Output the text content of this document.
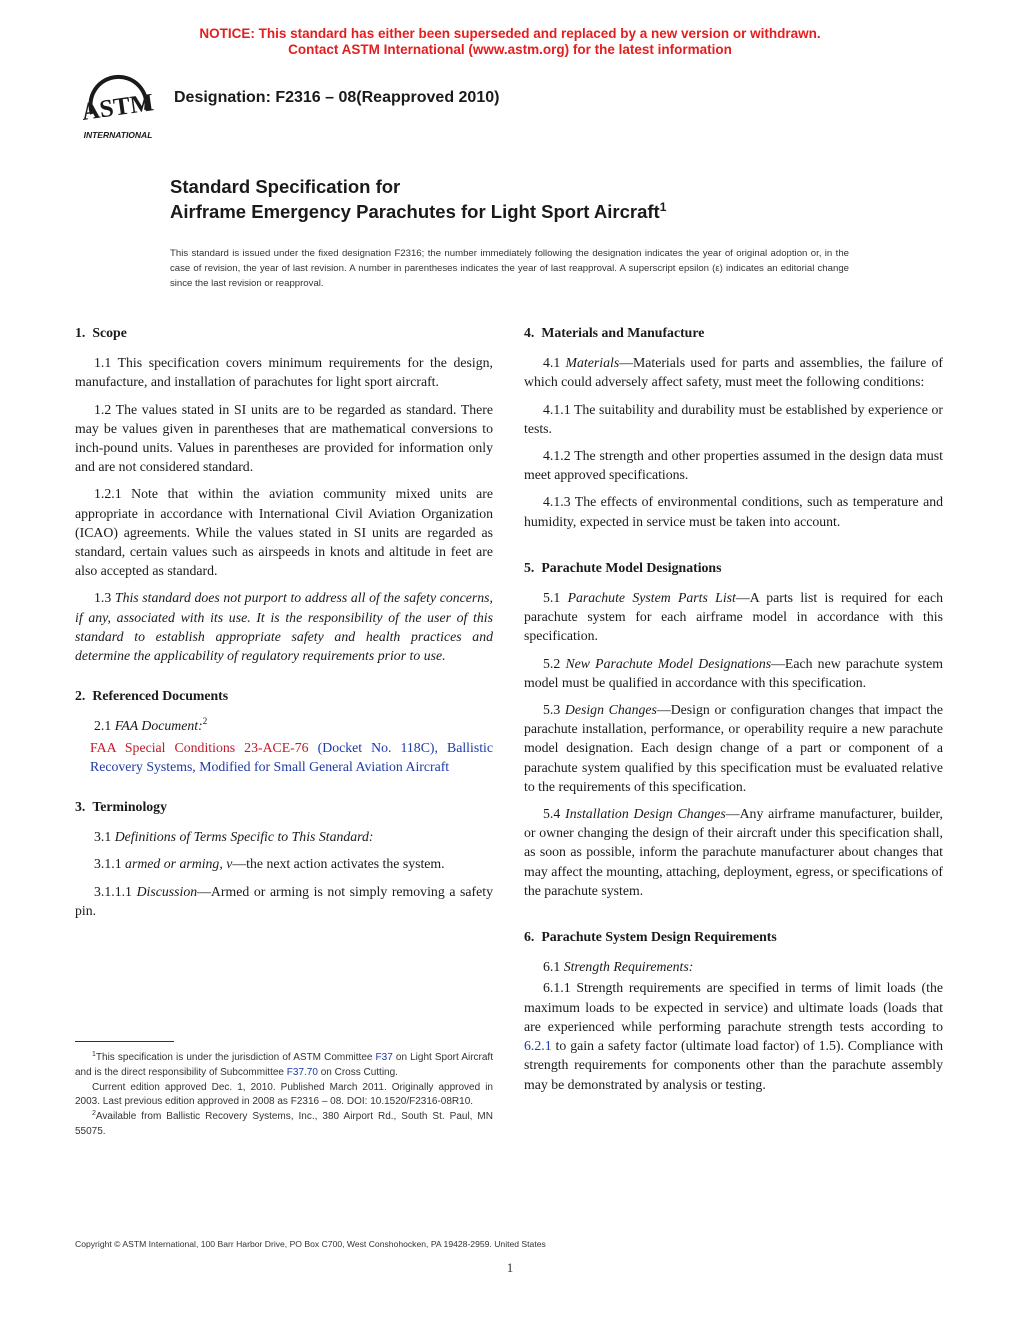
NOTICE: This standard has either been superseded and replaced by a new version or withdrawn.
Contact ASTM International (www.astm.org) for the latest information
ASTM
INTERNATIONAL
Designation: F2316 – 08(Reapproved 2010)
Standard Specification for
Airframe Emergency Parachutes for Light Sport Aircraft$^1$
This standard is issued under the fixed designation F2316; the number immediately following the designation indicates the year of original adoption or, in the case of revision, the year of last revision. A number in parentheses indicates the year of last reapproval. A superscript epsilon (ε) indicates an editorial change since the last revision or reapproval.
1. Scope

1.1 This specification covers minimum requirements for the design, manufacture, and installation of parachutes for light sport aircraft.

1.2 The values stated in SI units are to be regarded as standard. There may be values given in parentheses that are mathematical conversions to inch-pound units. Values in parentheses are provided for information only and are not considered standard.

1.2.1 Note that within the aviation community mixed units are appropriate in accordance with International Civil Aviation Organization (ICAO) agreements. While the values stated in SI units are regarded as standard, certain values such as airspeeds in knots and altitude in feet are also accepted as standard.

1.3 This standard does not purport to address all of the safety concerns, if any, associated with its use. It is the responsibility of the user of this standard to establish appropriate safety and health practices and determine the applicability of regulatory requirements prior to use.

2. Referenced Documents

2.1 FAA Document:$^2$

FAA Special Conditions 23-ACE-76 (Docket No. 118C), Ballistic Recovery Systems, Modified for Small General Aviation Aircraft

3. Terminology

3.1 Definitions of Terms Specific to This Standard:

3.1.1 armed or arming, v—the next action activates the system.

3.1.1.1 Discussion—Armed or arming is not simply removing a safety pin.

4. Materials and Manufacture

4.1 Materials—Materials used for parts and assemblies, the failure of which could adversely affect safety, must meet the following conditions:

4.1.1 The suitability and durability must be established by experience or tests.

4.1.2 The strength and other properties assumed in the design data must meet approved specifications.

4.1.3 The effects of environmental conditions, such as temperature and humidity, expected in service must be taken into account.

5. Parachute Model Designations

5.1 Parachute System Parts List—A parts list is required for each parachute system for each airframe model in accordance with this specification.

5.2 New Parachute Model Designations—Each new parachute system model must be qualified in accordance with this specification.

5.3 Design Changes—Design or configuration changes that impact the parachute installation, performance, or operability require a new parachute model designation. Each design change of a part or component of a parachute system qualified by this specification must be evaluated relative to the requirements of this specification.

5.4 Installation Design Changes—Any airframe manufacturer, builder, or owner changing the design of their aircraft under this specification shall, as soon as possible, inform the parachute manufacturer about changes that may affect the mounting, attaching, deployment, egress, or specifications of the parachute system.

6. Parachute System Design Requirements

6.1 Strength Requirements:

6.1.1 Strength requirements are specified in terms of limit loads (the maximum loads to be expected in service) and ultimate loads (loads that are experienced while performing parachute strength tests according to 6.2.1 to gain a safety factor (ultimate load factor) of 1.5). Compliance with strength requirements for components other than the parachute assembly may be demonstrated by analysis or testing.

$^1$This specification is under the jurisdiction of ASTM Committee F37 on Light Sport Aircraft and is the direct responsibility of Subcommittee F37.70 on Cross Cutting.

Current edition approved Dec. 1, 2010. Published March 2011. Originally approved in 2003. Last previous edition approved in 2008 as F2316 – 08. DOI: 10.1520/F2316-08R10.

$^2$Available from Ballistic Recovery Systems, Inc., 380 Airport Rd., South St. Paul, MN 55075.

Copyright © ASTM International, 100 Barr Harbor Drive, PO Box C700, West Conshohocken, PA 19428-2959. United States
1
